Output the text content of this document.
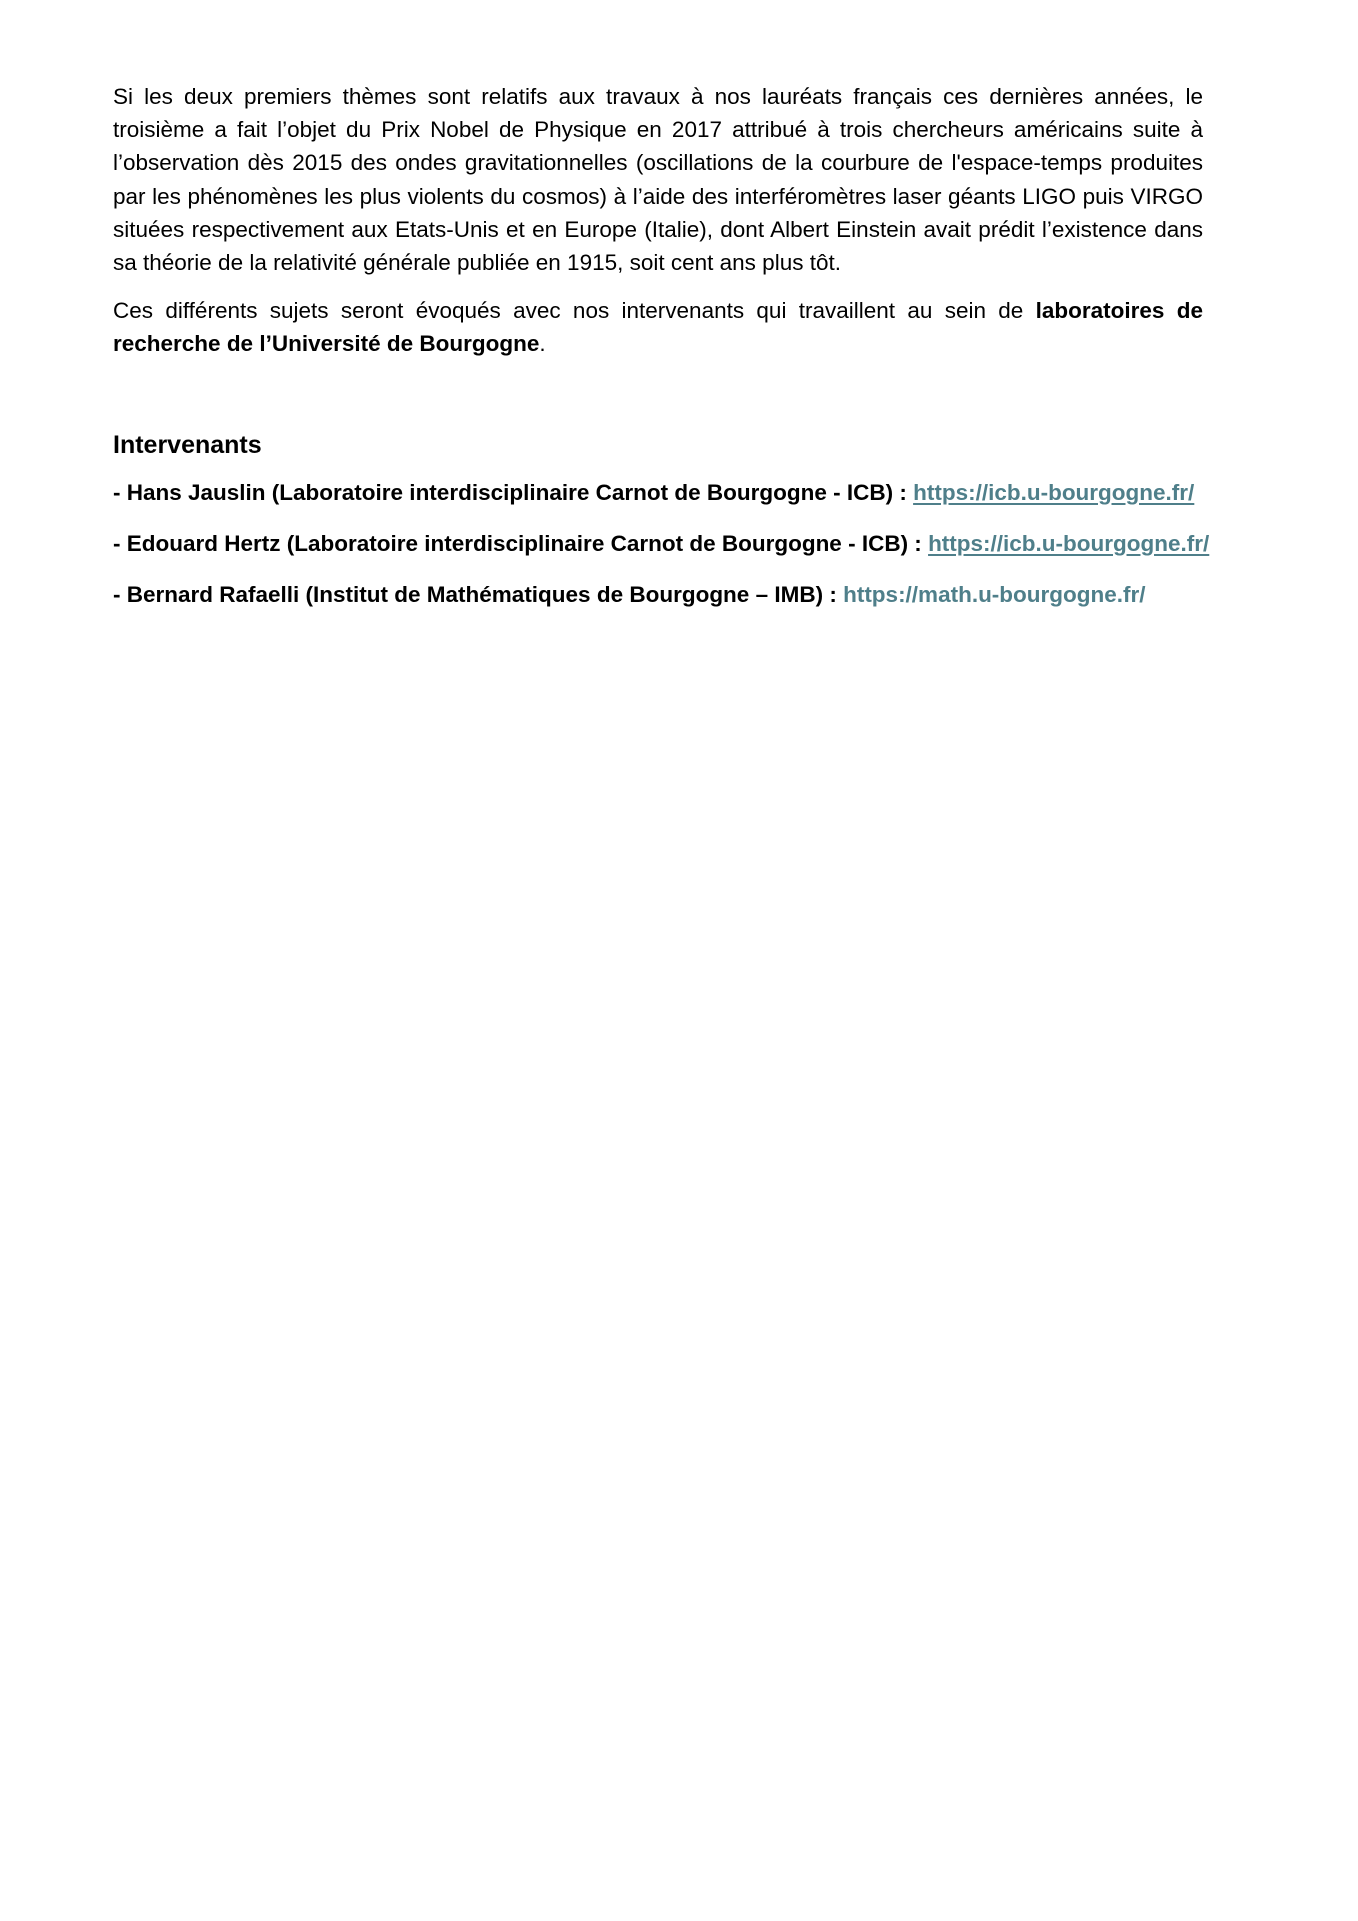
Si les deux premiers thèmes sont relatifs aux travaux à nos lauréats français ces dernières années, le troisième a fait l’objet du Prix Nobel de Physique en 2017 attribué à trois chercheurs américains suite à l’observation dès 2015 des ondes gravitationnelles (oscillations de la courbure de l'espace-temps produites par les phénomènes les plus violents du cosmos) à l’aide des interféromètres laser géants LIGO puis VIRGO situées respectivement aux Etats-Unis et en Europe (Italie), dont Albert Einstein avait prédit l’existence dans sa théorie de la relativité générale publiée en 1915, soit cent ans plus tôt.

Ces différents sujets seront évoqués avec nos intervenants qui travaillent au sein de laboratoires de recherche de l’Université de Bourgogne.

Intervenants
- Hans Jauslin (Laboratoire interdisciplinaire Carnot de Bourgogne - ICB) : https://icb.u-bourgogne.fr/
- Edouard Hertz (Laboratoire interdisciplinaire Carnot de Bourgogne - ICB) : https://icb.u-bourgogne.fr/
- Bernard Rafaelli (Institut de Mathématiques de Bourgogne – IMB) : https://math.u-bourgogne.fr/
